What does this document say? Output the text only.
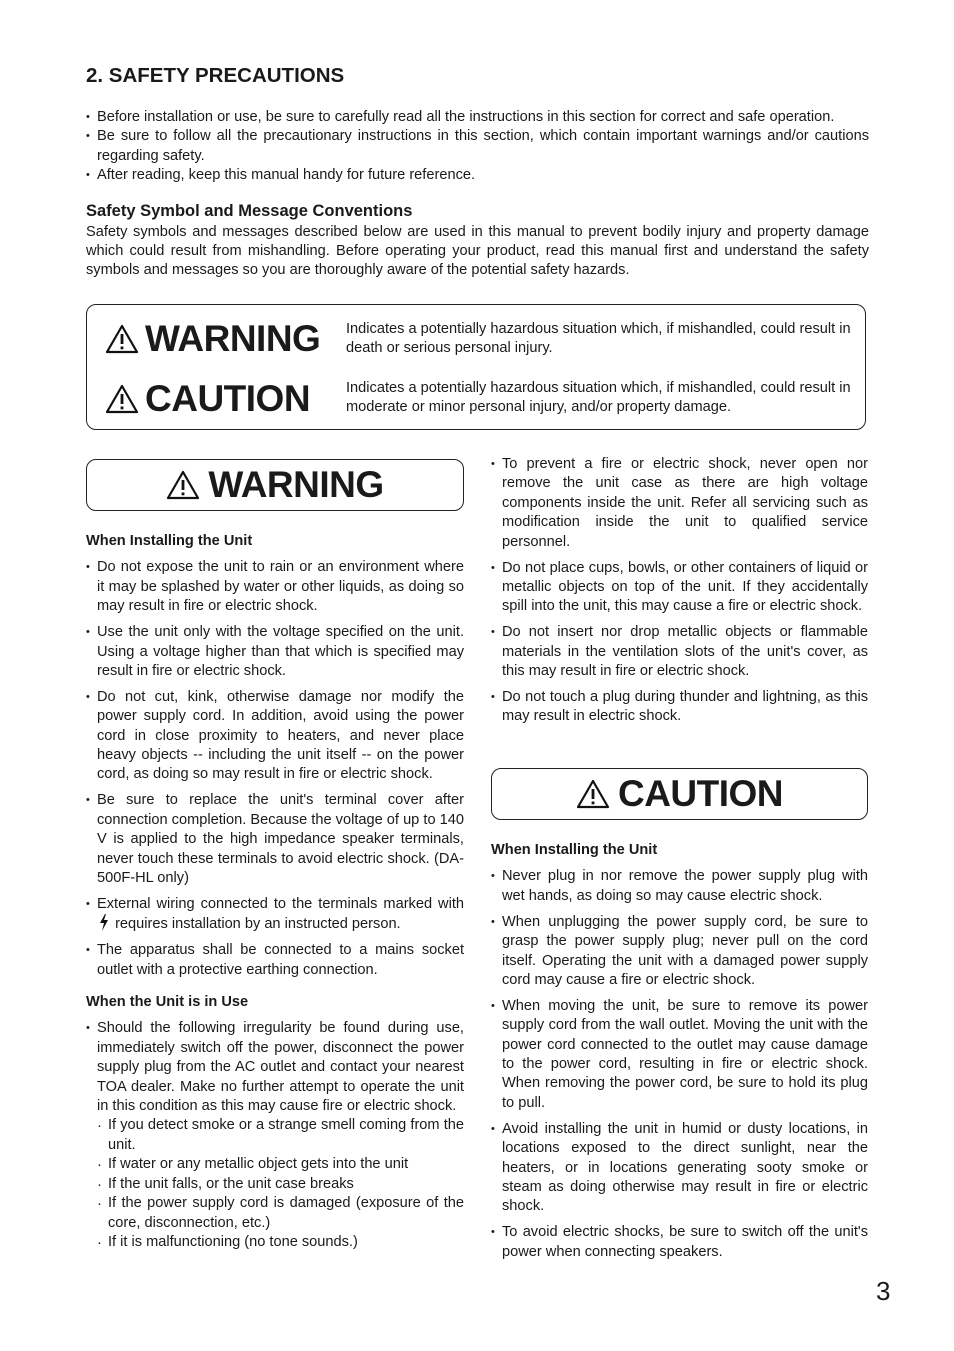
2. SAFETY PRECAUTIONS
• Before installation or use, be sure to carefully read all the instructions in this section for correct and safe operation.
• Be sure to follow all the precautionary instructions in this section, which contain important warnings and/or cautions regarding safety.
• After reading, keep this manual handy for future reference.
Safety Symbol and Message Conventions

Safety symbols and messages described below are used in this manual to prevent bodily injury and property damage which could result from mishandling. Before operating your product, read this manual first and understand the safety symbols and messages so you are thoroughly aware of the potential safety hazards.

WARNING Indicates a potentially hazardous situation which, if mishandled, could result in death or serious personal injury.
CAUTION Indicates a potentially hazardous situation which, if mishandled, could result in moderate or minor personal injury, and/or property damage.
WARNING
When Installing the Unit
• Do not expose the unit to rain or an environment where it may be splashed by water or other liquids, as doing so may result in fire or electric shock.
• Use the unit only with the voltage specified on the unit. Using a voltage higher than that which is specified may result in fire or electric shock.
• Do not cut, kink, otherwise damage nor modify the power supply cord. In addition, avoid using the power cord in close proximity to heaters, and never place heavy objects -- including the unit itself -- on the power cord, as doing so may result in fire or electric shock.
• Be sure to replace the unit's terminal cover after connection completion. Because the voltage of up to 140 V is applied to the high impedance speaker terminals, never touch these terminals to avoid electric shock. (DA-500F-HL only)
• External wiring connected to the terminals marked with  requires installation by an instructed person.
• The apparatus shall be connected to a mains socket outlet with a protective earthing connection.
When the Unit is in Use
• Should the following irregularity be found during use, immediately switch off the power, disconnect the power supply plug from the AC outlet and contact your nearest TOA dealer. Make no further attempt to operate the unit in this condition as this may cause fire or electric shock.
· If you detect smoke or a strange smell coming from the unit.
· If water or any metallic object gets into the unit
· If the unit falls, or the unit case breaks
· If the power supply cord is damaged (exposure of the core, disconnection, etc.)
· If it is malfunctioning (no tone sounds.)
• To prevent a fire or electric shock, never open nor remove the unit case as there are high voltage components inside the unit. Refer all servicing such as modification inside the unit to qualified service personnel.
• Do not place cups, bowls, or other containers of liquid or metallic objects on top of the unit. If they accidentally spill into the unit, this may cause a fire or electric shock.
• Do not insert nor drop metallic objects or flammable materials in the ventilation slots of the unit's cover, as this may result in fire or electric shock.
• Do not touch a plug during thunder and lightning, as this may result in electric shock.
CAUTION
When Installing the Unit
• Never plug in nor remove the power supply plug with wet hands, as doing so may cause electric shock.
• When unplugging the power supply cord, be sure to grasp the power supply plug; never pull on the cord itself. Operating the unit with a damaged power supply cord may cause a fire or electric shock.
• When moving the unit, be sure to remove its power supply cord from the wall outlet. Moving the unit with the power cord connected to the outlet may cause damage to the power cord, resulting in fire or electric shock. When removing the power cord, be sure to hold its plug to pull.
• Avoid installing the unit in humid or dusty locations, in locations exposed to the direct sunlight, near the heaters, or in locations generating sooty smoke or steam as doing otherwise may result in fire or electric shock.
• To avoid electric shocks, be sure to switch off the unit's power when connecting speakers.
3
